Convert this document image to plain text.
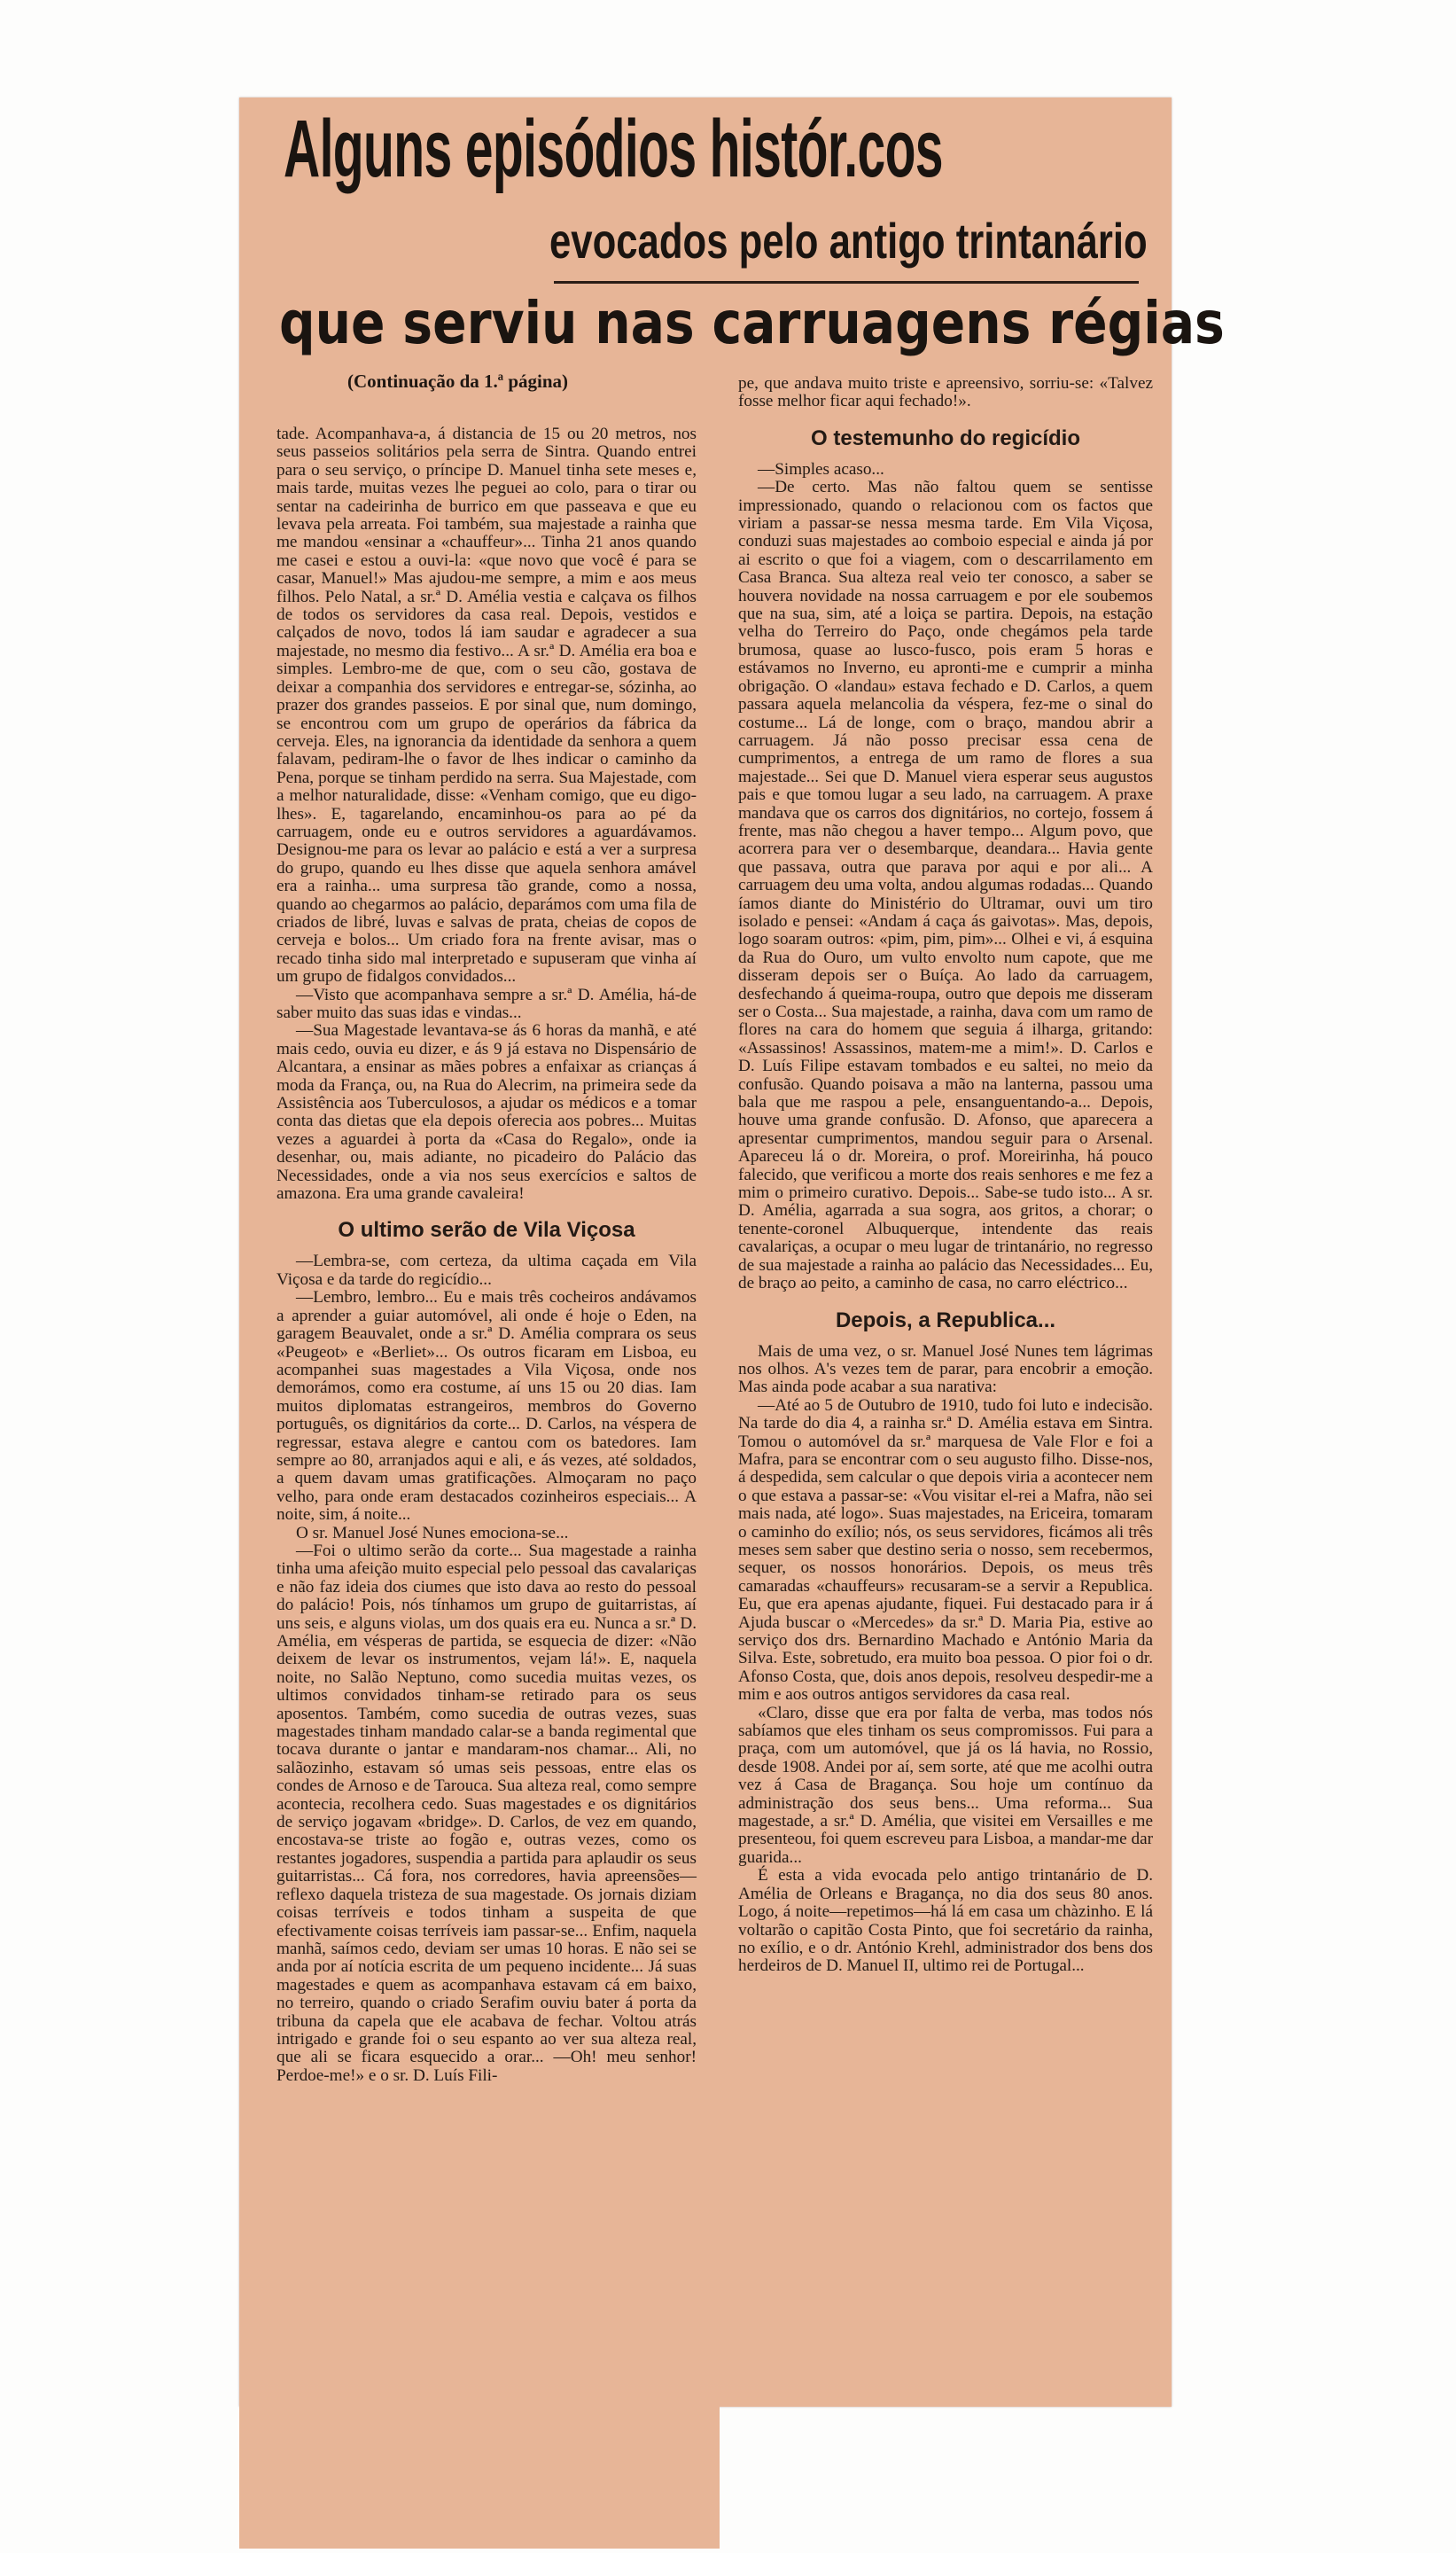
Alguns episódios histór.cos
evocados pelo antigo trintanário
que serviu nas carruagens régias
(Continuação da 1.ª página)

tade. Acompanhava-a, á distancia de 15 ou 20 metros, nos seus passeios solitários pela serra de Sintra. Quando entrei para o seu serviço, o príncipe D. Manuel tinha sete meses e, mais tarde, muitas vezes lhe peguei ao colo, para o tirar ou sentar na cadeirinha de burrico em que passeava e que eu levava pela arreata. Foi também, sua majestade a rainha que me mandou «ensinar a «chauffeur»... Tinha 21 anos quando me casei e estou a ouvi-la: «que novo que você é para se casar, Manuel!» Mas ajudou-me sempre, a mim e aos meus filhos. Pelo Natal, a sr.ª D. Amélia vestia e calçava os filhos de todos os servidores da casa real. Depois, vestidos e calçados de novo, todos lá iam saudar e agradecer a sua majestade, no mesmo dia festivo... A sr.ª D. Amélia era boa e simples. Lembro-me de que, com o seu cão, gostava de deixar a companhia dos servidores e entregar-se, sózinha, ao prazer dos grandes passeios. E por sinal que, num domingo, se encontrou com um grupo de operários da fábrica da cerveja. Eles, na ignorancia da identidade da senhora a quem falavam, pediram-lhe o favor de lhes indicar o caminho da Pena, porque se tinham perdido na serra. Sua Majestade, com a melhor naturalidade, disse: «Venham comigo, que eu digo-lhes». E, tagarelando, encaminhou-os para ao pé da carruagem, onde eu e outros servidores a aguardávamos. Designou-me para os levar ao palácio e está a ver a surpresa do grupo, quando eu lhes disse que aquela senhora amável era a rainha... uma surpresa tão grande, como a nossa, quando ao chegarmos ao palácio, deparámos com uma fila de criados de libré, luvas e salvas de prata, cheias de copos de cerveja e bolos... Um criado fora na frente avisar, mas o recado tinha sido mal interpretado e supuseram que vinha aí um grupo de fidalgos convidados...

—Visto que acompanhava sempre a sr.ª D. Amélia, há-de saber muito das suas idas e vindas...

—Sua Magestade levantava-se ás 6 horas da manhã, e até mais cedo, ouvia eu dizer, e ás 9 já estava no Dispensário de Alcantara, a ensinar as mães pobres a enfaixar as crianças á moda da França, ou, na Rua do Alecrim, na primeira sede da Assistência aos Tuberculosos, a ajudar os médicos e a tomar conta das dietas que ela depois oferecia aos pobres... Muitas vezes a aguardei à porta da «Casa do Regalo», onde ia desenhar, ou, mais adiante, no picadeiro do Palácio das Necessidades, onde a via nos seus exercícios e saltos de amazona. Era uma grande cavaleira!

O ultimo serão de Vila Viçosa

—Lembra-se, com certeza, da ultima caçada em Vila Viçosa e da tarde do regicídio...

—Lembro, lembro... Eu e mais três cocheiros andávamos a aprender a guiar automóvel, ali onde é hoje o Eden, na garagem Beauvalet, onde a sr.ª D. Amélia comprara os seus «Peugeot» e «Berliet»... Os outros ficaram em Lisboa, eu acompanhei suas magestades a Vila Viçosa, onde nos demorámos, como era costume, aí uns 15 ou 20 dias. Iam muitos diplomatas estrangeiros, membros do Governo português, os dignitários da corte... D. Carlos, na véspera de regressar, estava alegre e cantou com os batedores. Iam sempre ao 80, arranjados aqui e ali, e ás vezes, até soldados, a quem davam umas gratificações. Almoçaram no paço velho, para onde eram destacados cozinheiros especiais... A noite, sim, á noite...

O sr. Manuel José Nunes emociona-se...

—Foi o ultimo serão da corte... Sua magestade a rainha tinha uma afeição muito especial pelo pessoal das cavalariças e não faz ideia dos ciumes que isto dava ao resto do pessoal do palácio! Pois, nós tínhamos um grupo de guitarristas, aí uns seis, e alguns violas, um dos quais era eu. Nunca a sr.ª D. Amélia, em vésperas de partida, se esquecia de dizer: «Não deixem de levar os instrumentos, vejam lá!». E, naquela noite, no Salão Neptuno, como sucedia muitas vezes, os ultimos convidados tinham-se retirado para os seus aposentos. Também, como sucedia de outras vezes, suas magestades tinham mandado calar-se a banda regimental que tocava durante o jantar e mandaram-nos chamar... Ali, no salãozinho, estavam só umas seis pessoas, entre elas os condes de Arnoso e de Tarouca. Sua alteza real, como sempre acontecia, recolhera cedo. Suas magestades e os dignitários de serviço jogavam «bridge». D. Carlos, de vez em quando, encostava-se triste ao fogão e, outras vezes, como os restantes jogadores, suspendia a partida para aplaudir os seus guitarristas... Cá fora, nos corredores, havia apreensões—reflexo daquela tristeza de sua magestade. Os jornais diziam coisas terríveis e todos tinham a suspeita de que efectivamente coisas terríveis iam passar-se... Enfim, naquela manhã, saímos cedo, deviam ser umas 10 horas. E não sei se anda por aí notícia escrita de um pequeno incidente... Já suas magestades e quem as acompanhava estavam cá em baixo, no terreiro, quando o criado Serafim ouviu bater á porta da tribuna da capela que ele acabava de fechar. Voltou atrás intrigado e grande foi o seu espanto ao ver sua alteza real, que ali se ficara esquecido a orar... —Oh! meu senhor! Perdoe-me!» e o sr. D. Luís Fili-

pe, que andava muito triste e apreensivo, sorriu-se: «Talvez fosse melhor ficar aqui fechado!».

O testemunho do regicídio

—Simples acaso...

—De certo. Mas não faltou quem se sentisse impressionado, quando o relacionou com os factos que viriam a passar-se nessa mesma tarde. Em Vila Viçosa, conduzi suas majestades ao comboio especial e ainda já por ai escrito o que foi a viagem, com o descarrilamento em Casa Branca. Sua alteza real veio ter conosco, a saber se houvera novidade na nossa carruagem e por ele soubemos que na sua, sim, até a loiça se partira. Depois, na estação velha do Terreiro do Paço, onde chegámos pela tarde brumosa, quase ao lusco-fusco, pois eram 5 horas e estávamos no Inverno, eu apronti-me e cumprir a minha obrigação. O «landau» estava fechado e D. Carlos, a quem passara aquela melancolia da véspera, fez-me o sinal do costume... Lá de longe, com o braço, mandou abrir a carruagem. Já não posso precisar essa cena de cumprimentos, a entrega de um ramo de flores a sua majestade... Sei que D. Manuel viera esperar seus augustos pais e que tomou lugar a seu lado, na carruagem. A praxe mandava que os carros dos dignitários, no cortejo, fossem á frente, mas não chegou a haver tempo... Algum povo, que acorrera para ver o desembarque, deandara... Havia gente que passava, outra que parava por aqui e por ali... A carruagem deu uma volta, andou algumas rodadas... Quando íamos diante do Ministério do Ultramar, ouvi um tiro isolado e pensei: «Andam á caça ás gaivotas». Mas, depois, logo soaram outros: «pim, pim, pim»... Olhei e vi, á esquina da Rua do Ouro, um vulto envolto num capote, que me disseram depois ser o Buíça. Ao lado da carruagem, desfechando á queima-roupa, outro que depois me disseram ser o Costa... Sua majestade, a rainha, dava com um ramo de flores na cara do homem que seguia á ilharga, gritando: «Assassinos! Assassinos, matem-me a mim!». D. Carlos e D. Luís Filipe estavam tombados e eu saltei, no meio da confusão. Quando poisava a mão na lanterna, passou uma bala que me raspou a pele, ensanguentando-a... Depois, houve uma grande confusão. D. Afonso, que aparecera a apresentar cumprimentos, mandou seguir para o Arsenal. Apareceu lá o dr. Moreira, o prof. Moreirinha, há pouco falecido, que verificou a morte dos reais senhores e me fez a mim o primeiro curativo. Depois... Sabe-se tudo isto... A sr. D. Amélia, agarrada a sua sogra, aos gritos, a chorar; o tenente-coronel Albuquerque, intendente das reais cavalariças, a ocupar o meu lugar de trintanário, no regresso de sua majestade a rainha ao palácio das Necessidades... Eu, de braço ao peito, a caminho de casa, no carro eléctrico...

Depois, a Republica...

Mais de uma vez, o sr. Manuel José Nunes tem lágrimas nos olhos. A's vezes tem de parar, para encobrir a emoção. Mas ainda pode acabar a sua narativa:

—Até ao 5 de Outubro de 1910, tudo foi luto e indecisão. Na tarde do dia 4, a rainha sr.ª D. Amélia estava em Sintra. Tomou o automóvel da sr.ª marquesa de Vale Flor e foi a Mafra, para se encontrar com o seu augusto filho. Disse-nos, á despedida, sem calcular o que depois viria a acontecer nem o que estava a passar-se: «Vou visitar el-rei a Mafra, não sei mais nada, até logo». Suas majestades, na Ericeira, tomaram o caminho do exílio; nós, os seus servidores, ficámos ali três meses sem saber que destino seria o nosso, sem recebermos, sequer, os nossos honorários. Depois, os meus três camaradas «chauffeurs» recusaram-se a servir a Republica. Eu, que era apenas ajudante, fiquei. Fui destacado para ir á Ajuda buscar o «Mercedes» da sr.ª D. Maria Pia, estive ao serviço dos drs. Bernardino Machado e António Maria da Silva. Este, sobretudo, era muito boa pessoa. O pior foi o dr. Afonso Costa, que, dois anos depois, resolveu despedir-me a mim e aos outros antigos servidores da casa real.

«Claro, disse que era por falta de verba, mas todos nós sabíamos que eles tinham os seus compromissos. Fui para a praça, com um automóvel, que já os lá havia, no Rossio, desde 1908. Andei por aí, sem sorte, até que me acolhi outra vez á Casa de Bragança. Sou hoje um contínuo da administração dos seus bens... Uma reforma... Sua magestade, a sr.ª D. Amélia, que visitei em Versailles e me presenteou, foi quem escreveu para Lisboa, a mandar-me dar guarida...

É esta a vida evocada pelo antigo trintanário de D. Amélia de Orleans e Bragança, no dia dos seus 80 anos. Logo, á noite—repetimos—há lá em casa um chàzinho. E lá voltarão o capitão Costa Pinto, que foi secretário da rainha, no exílio, e o dr. António Krehl, administrador dos bens dos herdeiros de D. Manuel II, ultimo rei de Portugal...
